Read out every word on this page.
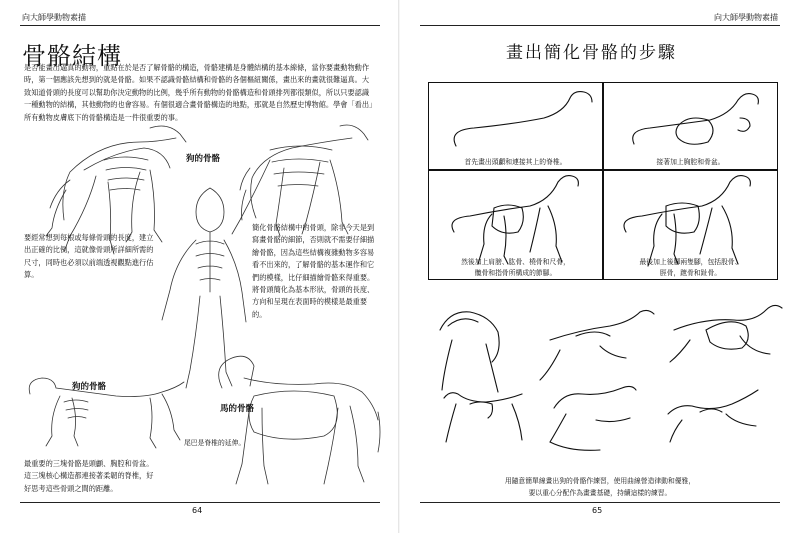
向大師學動物素描
骨骼結構
是否能畫出逼真的動物，重點在於是否了解骨骼的構造，骨骼建構是身體結構的基本線條，當你要畫動物動作時，第一個應該先想到的就是骨骼。如果不認識骨骼結構和骨骼的各個樞紐關係，畫出來的畫就很難逼真。大致知道骨頭的長度可以幫助你決定動物的比例，幾乎所有動物的骨骼構造和骨頭排列都很類似，所以只要認識一種動物的結構，其他動物的也會容易。有個很適合畫骨骼構造的地點，那就是自然歷史博物館。學會「看出」所有動物皮膚底下的骨骼構造是一件很重要的事。
狗的骨骼
要經常想到每根或每條骨頭的長度，建立出正確的比例，這就像骨頭所詳細所需的尺寸，同時也必須以前端透視觀點進行估算。
簡化骨骼結構中的骨頭，除非今天是到寫畫骨骼的細節，否則就不需要仔細描繪骨骼，因為這些結構複雜動物多容易看不出來的，了解骨骼的基本運作和它們的模樣，比仔細描繪骨骼來得重要。將骨頭簡化為基本形狀，骨頭的長度、方向和呈現在表面時的模樣是最重要的。
狗的骨骼
馬的骨骼
尾巴是脊椎的延伸。
最重要的三塊骨骼是頭顱、胸腔和骨盆。這三塊核心構造都連接著柔韌的脊椎，好好思考這些骨頭之間的距離。
64
向大師學動物素描
畫出簡化骨骼的步驟
首先畫出頭顱和連接其上的脊椎。	接著加上胸腔和骨盆。
然後加上肩膀、肱骨、橈骨和尺骨，
髖骨和指骨所構成的節腳。
最後加上後腳兩隻腳，包括股骨、
脛骨，蹠骨和趾骨。
用隨意簡單線畫出狗的骨骼作練習，使用曲線營造律動和優雅，
要以重心分配作為畫畫基礎，持續這樣的練習。
65
